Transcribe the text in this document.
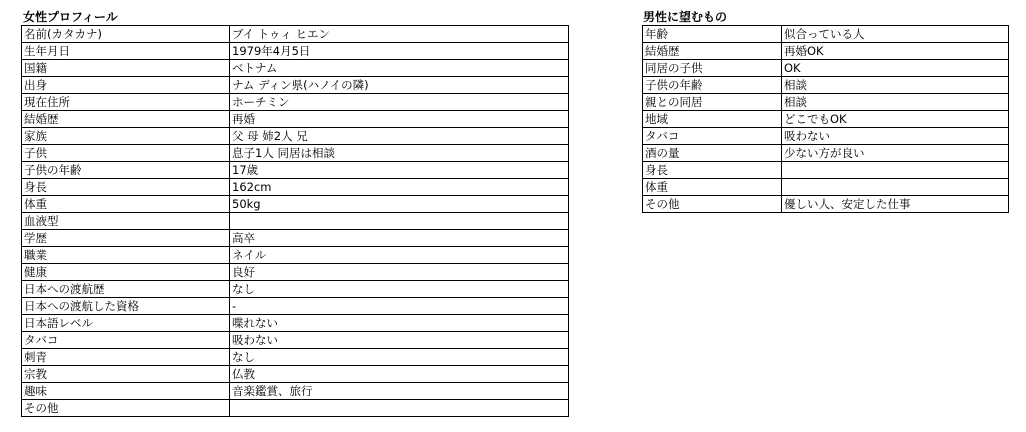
女性プロフィール
名前(カタカナ)	ブイ トゥィ ヒエン
生年月日	1979年4月5日
国籍	ベトナム
出身	ナム ディン県(ハノイの隣)
現在住所	ホーチミン
結婚歴	再婚
家族	父 母 姉2人 兄
子供	息子1人 同居は相談
子供の年齢	17歳
身長	162cm
体重	50kg
血液型	
学歴	高卒
職業	ネイル
健康	良好
日本への渡航歴	なし
日本への渡航した資格	-
日本語レベル	喋れない
タバコ	吸わない
刺青	なし
宗教	仏教
趣味	音楽鑑賞、旅行
その他	
男性に望むもの
年齢	似合っている人
結婚歴	再婚OK
同居の子供	OK
子供の年齢	相談
親との同居	相談
地域	どこでもOK
タバコ	吸わない
酒の量	少ない方が良い
身長	
体重	
その他	優しい人、安定した仕事
